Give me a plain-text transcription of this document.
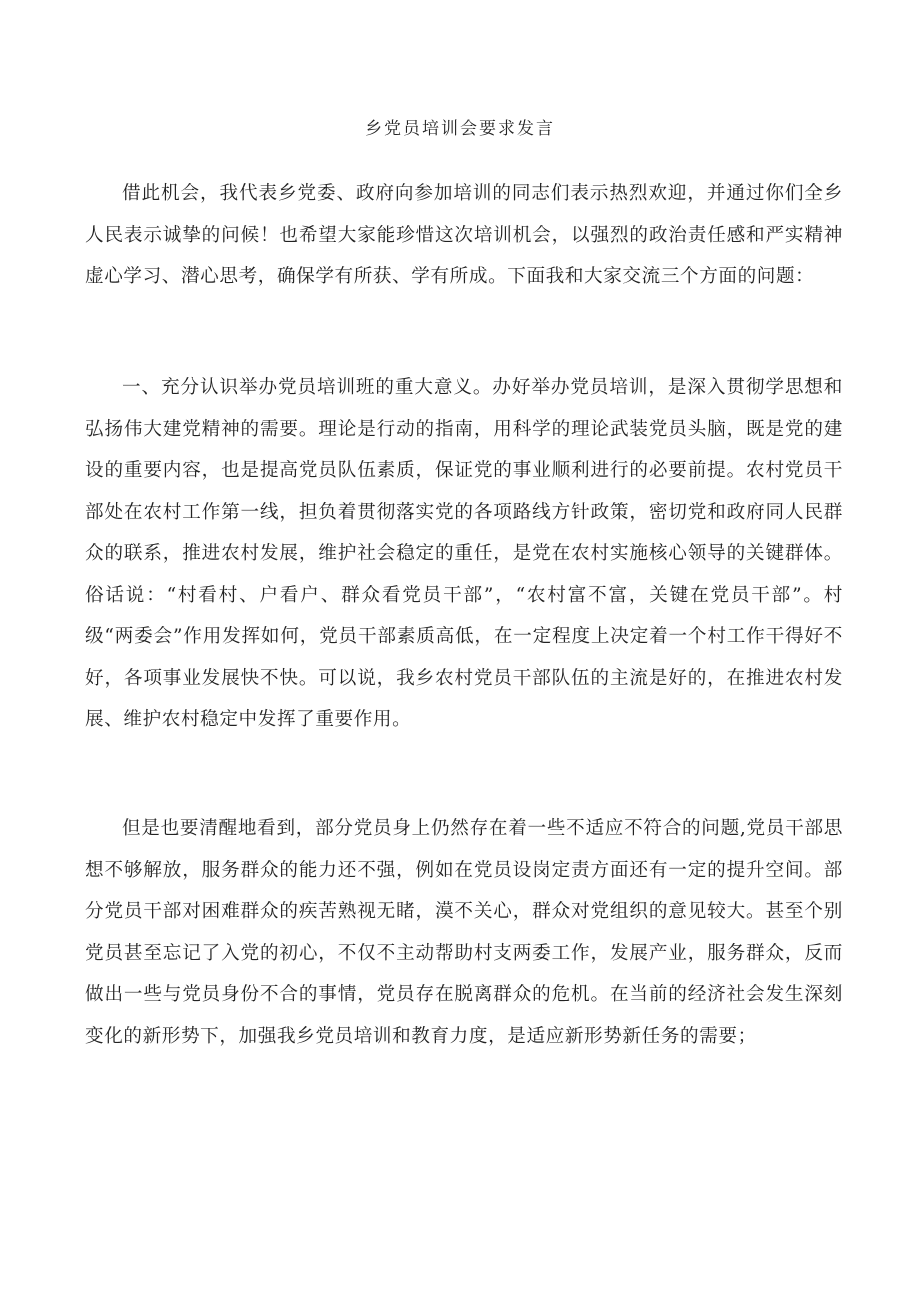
乡党员培训会要求发言

借此机会，我代表乡党委、政府向参加培训的同志们表示热烈欢迎，并通过你们全乡人民表示诚挚的问候！也希望大家能珍惜这次培训机会，以强烈的政治责任感和严实精神虚心学习、潜心思考，确保学有所获、学有所成。下面我和大家交流三个方面的问题：

一、充分认识举办党员培训班的重大意义。办好举办党员培训，是深入贯彻学思想和弘扬伟大建党精神的需要。理论是行动的指南，用科学的理论武装党员头脑，既是党的建设的重要内容，也是提高党员队伍素质，保证党的事业顺利进行的必要前提。农村党员干部处在农村工作第一线，担负着贯彻落实党的各项路线方针政策，密切党和政府同人民群众的联系，推进农村发展，维护社会稳定的重任，是党在农村实施核心领导的关键群体。俗话说：“村看村、户看户、群众看党员干部”，“农村富不富，关键在党员干部”。村级“两委会”作用发挥如何，党员干部素质高低，在一定程度上决定着一个村工作干得好不好，各项事业发展快不快。可以说，我乡农村党员干部队伍的主流是好的，在推进农村发展、维护农村稳定中发挥了重要作用。

但是也要清醒地看到，部分党员身上仍然存在着一些不适应不符合的问题,党员干部思想不够解放，服务群众的能力还不强，例如在党员设岗定责方面还有一定的提升空间。部分党员干部对困难群众的疾苦熟视无睹，漠不关心，群众对党组织的意见较大。甚至个别党员甚至忘记了入党的初心，不仅不主动帮助村支两委工作，发展产业，服务群众，反而做出一些与党员身份不合的事情，党员存在脱离群众的危机。在当前的经济社会发生深刻变化的新形势下，加强我乡党员培训和教育力度，是适应新形势新任务的需要；
